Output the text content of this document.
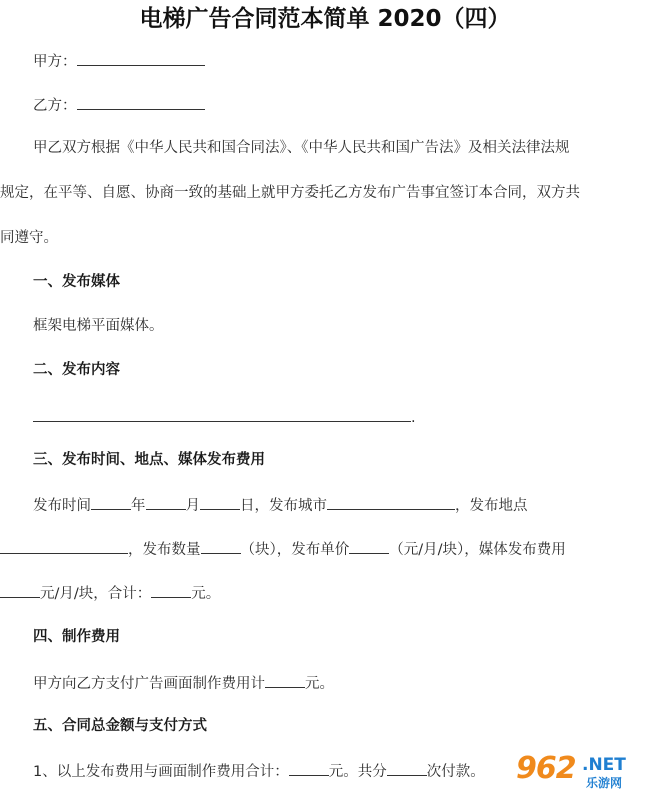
电梯广告合同范本简单 2020（四）
甲方：
乙方：
甲乙双方根据《中华人民共和国合同法》、《中华人民共和国广告法》及相关法律法规
规定，在平等、自愿、协商一致的基础上就甲方委托乙方发布广告事宜签订本合同，双方共
同遵守。
一、发布媒体
框架电梯平面媒体。
二、发布内容
.
三、发布时间、地点、媒体发布费用
发布时间	年	月	日，发布城市	，发布地点
，发布数量	（块），发布单价	（元/月/块），媒体发布费用
元/月/块，合计：	元。
四、制作费用
甲方向乙方支付广告画面制作费用计	元。
五、合同总金额与支付方式
1、以上发布费用与画面制作费用合计：	元。共分	次付款。 962 .NET
乐游网
